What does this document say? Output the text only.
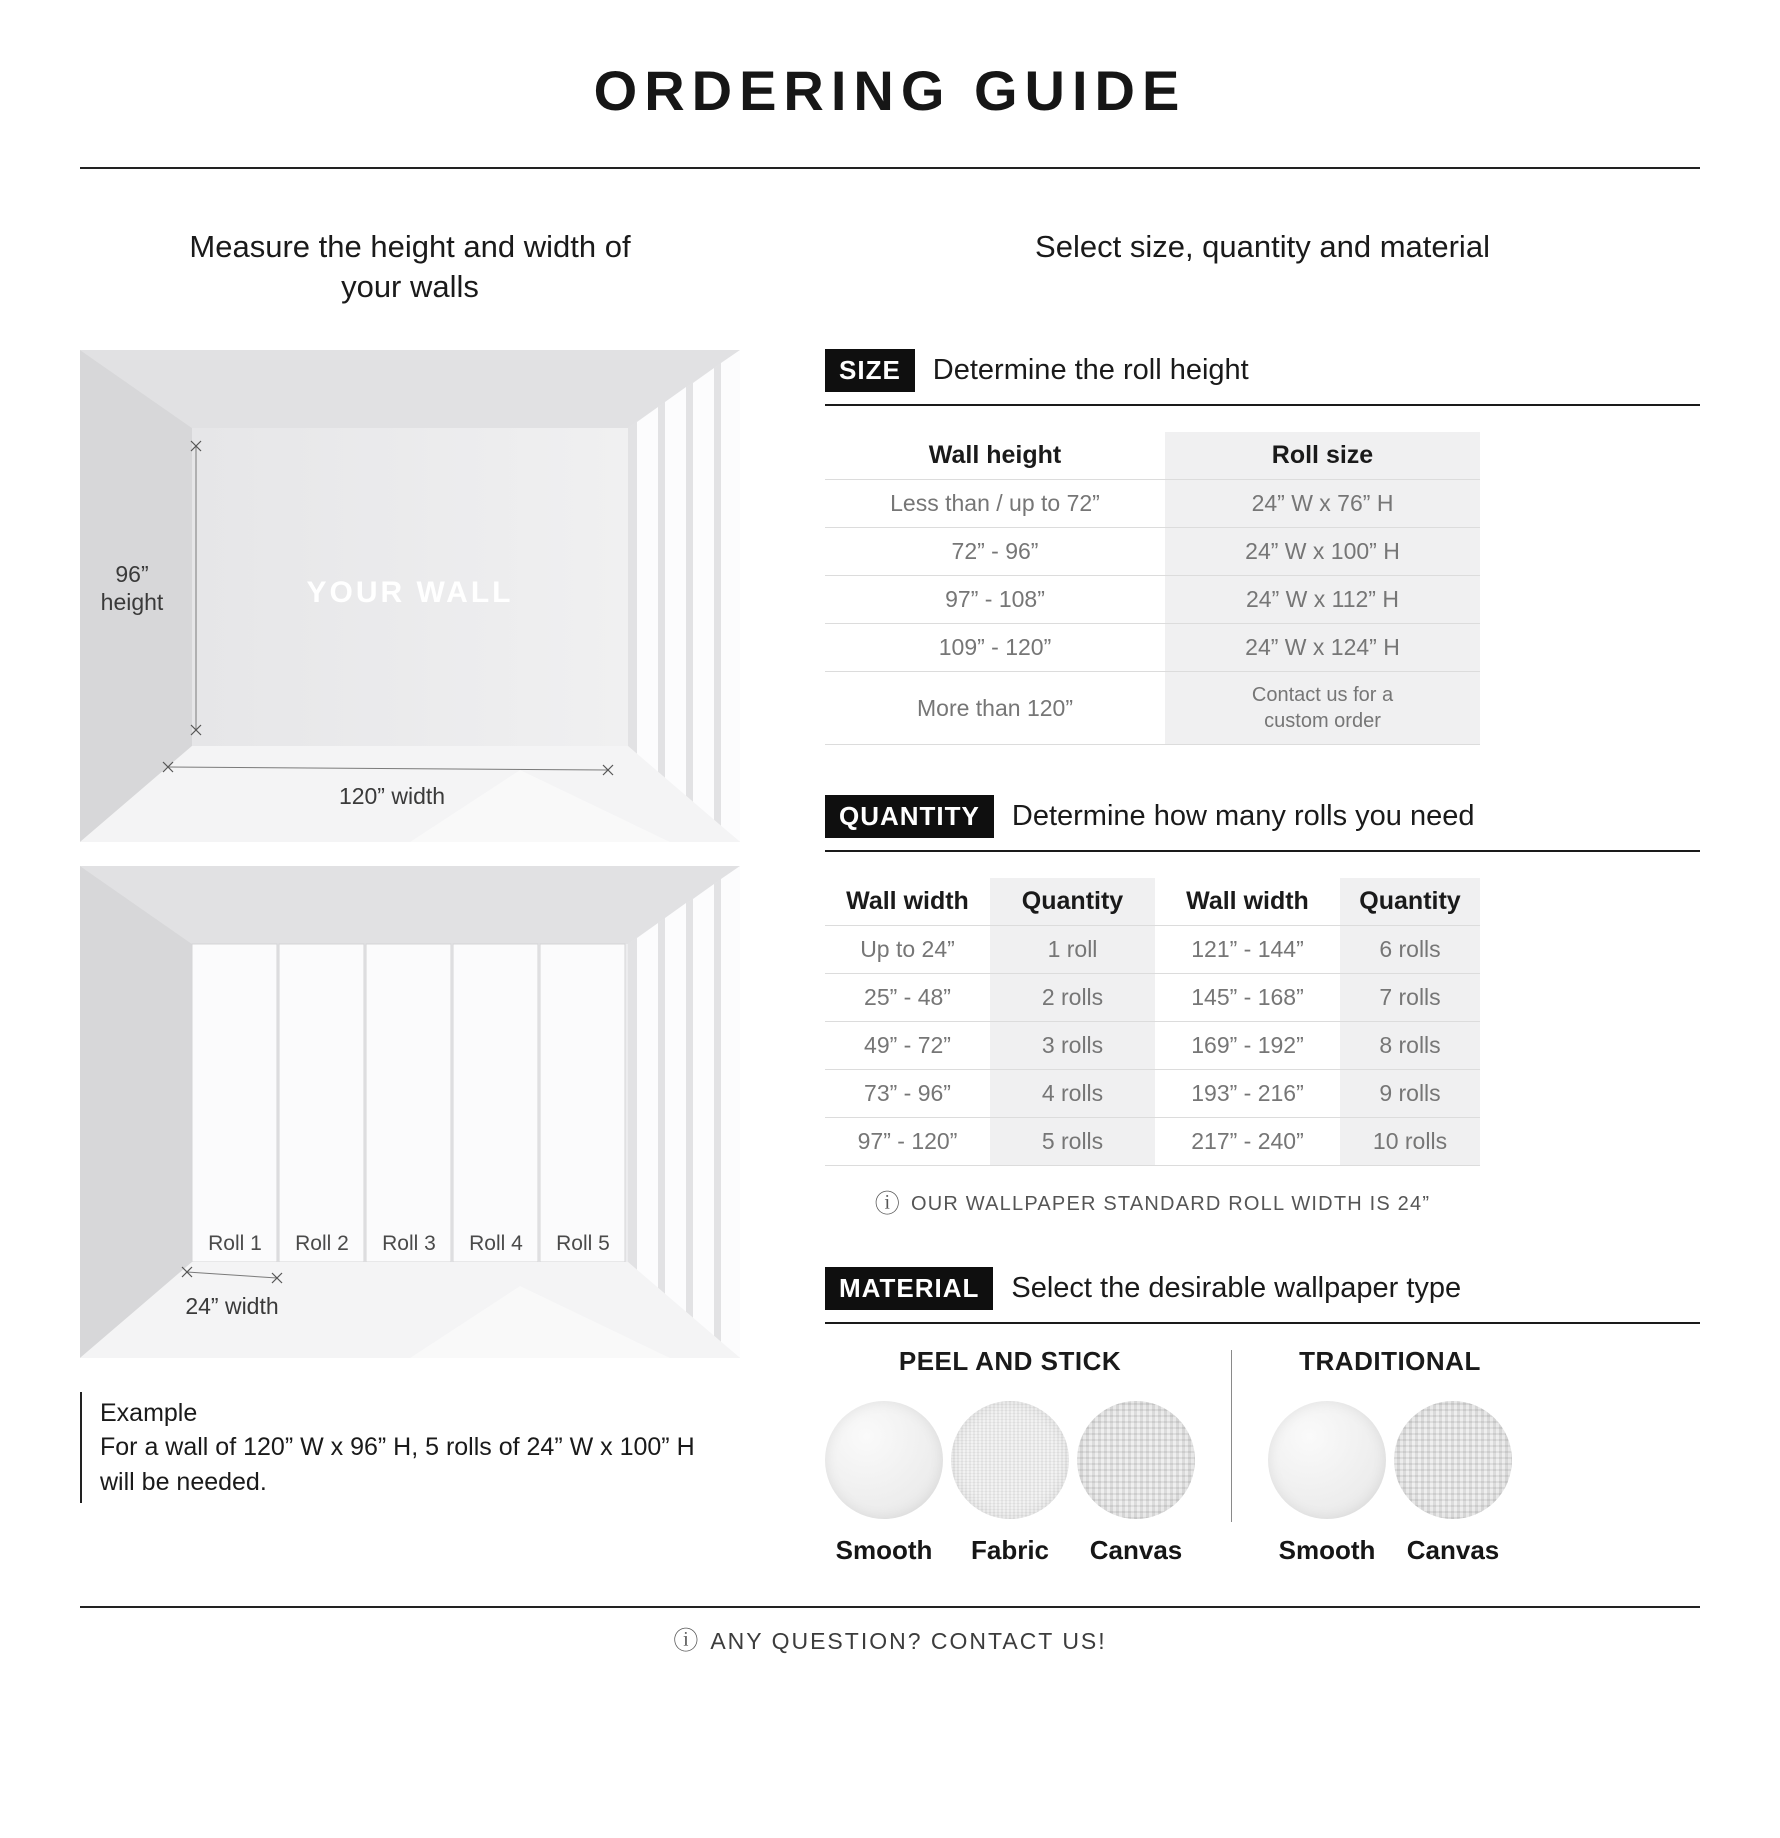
ORDERING GUIDE
Measure the height and width of your walls
YOUR WALL
96”
height
120” width
Roll 1 Roll 2 Roll 3 Roll 4 Roll 5
24” width
Example
For a wall of 120” W x 96” H, 5 rolls of 24” W x 100” H
will be needed.
Select size, quantity and material
SIZE	Determine the roll height
Wall height	Roll size
Less than / up to 72”	24” W x 76” H
72” - 96”	24” W x 100” H
97” - 108”	24” W x 112” H
109” - 120”	24” W x 124” H
More than 120”	Contact us for a custom order
QUANTITY	Determine how many rolls you need
Wall width	Quantity	Wall width	Quantity
Up to 24”	1 roll	121” - 144”	6 rolls
25” - 48”	2 rolls	145” - 168”	7 rolls
49” - 72”	3 rolls	169” - 192”	8 rolls
73” - 96”	4 rolls	193” - 216”	9 rolls
97” - 120”	5 rolls	217” - 240”	10 rolls
ⓘ OUR WALLPAPER STANDARD ROLL WIDTH IS 24”
MATERIAL	Select the desirable wallpaper type
PEEL AND STICK
Smooth	Fabric	Canvas
TRADITIONAL
Smooth	Canvas
ⓘ ANY QUESTION? CONTACT US!
